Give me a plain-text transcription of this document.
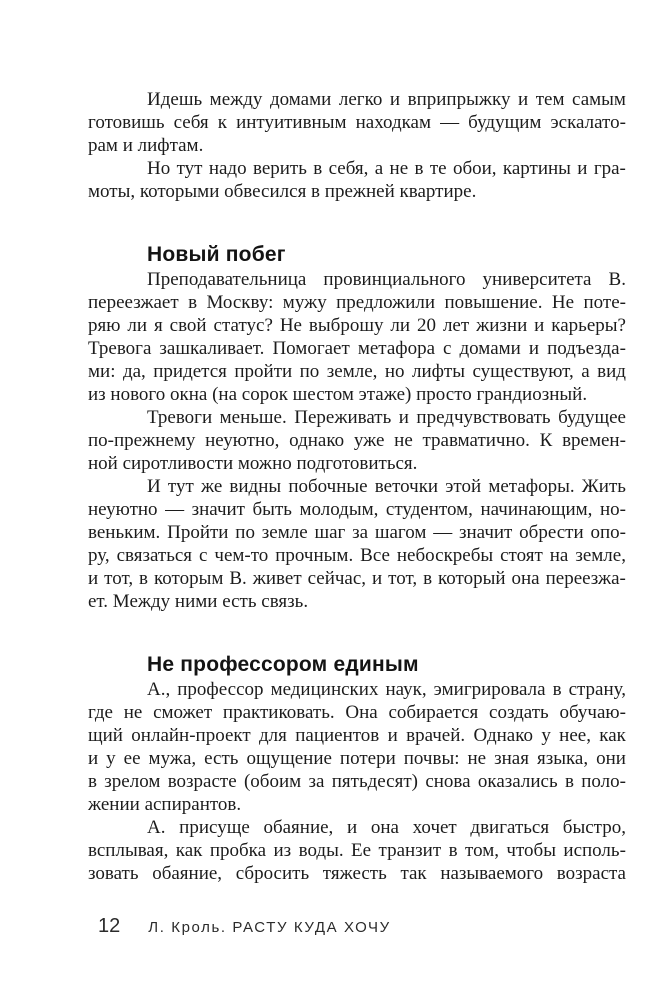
Идешь между домами легко и вприпрыжку и тем самым
готовишь себя к интуитивным находкам — будущим эскалато-
рам и лифтам.
Но тут надо верить в себя, а не в те обои, картины и гра-
моты, которыми обвесился в прежней квартире.
Новый побег
Преподавательница провинциального университета В.
переезжает в Москву: мужу предложили повышение. Не поте-
ряю ли я свой статус? Не выброшу ли 20 лет жизни и карьеры?
Тревога зашкаливает. Помогает метафора с домами и подъезда-
ми: да, придется пройти по земле, но лифты существуют, а вид
из нового окна (на сорок шестом этаже) просто грандиозный.
Тревоги меньше. Переживать и предчувствовать будущее
по-прежнему неуютно, однако уже не травматично. К времен-
ной сиротливости можно подготовиться.
И тут же видны побочные веточки этой метафоры. Жить
неуютно — значит быть молодым, студентом, начинающим, но-
веньким. Пройти по земле шаг за шагом — значит обрести опо-
ру, связаться с чем-то прочным. Все небоскребы стоят на земле,
и тот, в которым В. живет сейчас, и тот, в который она переезжа-
ет. Между ними есть связь.
Не профессором единым
А., профессор медицинских наук, эмигрировала в страну,
где не сможет практиковать. Она собирается создать обучаю-
щий онлайн-проект для пациентов и врачей. Однако у нее, как
и у ее мужа, есть ощущение потери почвы: не зная языка, они
в зрелом возрасте (обоим за пятьдесят) снова оказались в поло-
жении аспирантов.
А. присуще обаяние, и она хочет двигаться быстро,
всплывая, как пробка из воды. Ее транзит в том, чтобы исполь-
зовать обаяние, сбросить тяжесть так называемого возраста
12 Л. Кроль. РАСТУ КУДА ХОЧУ
